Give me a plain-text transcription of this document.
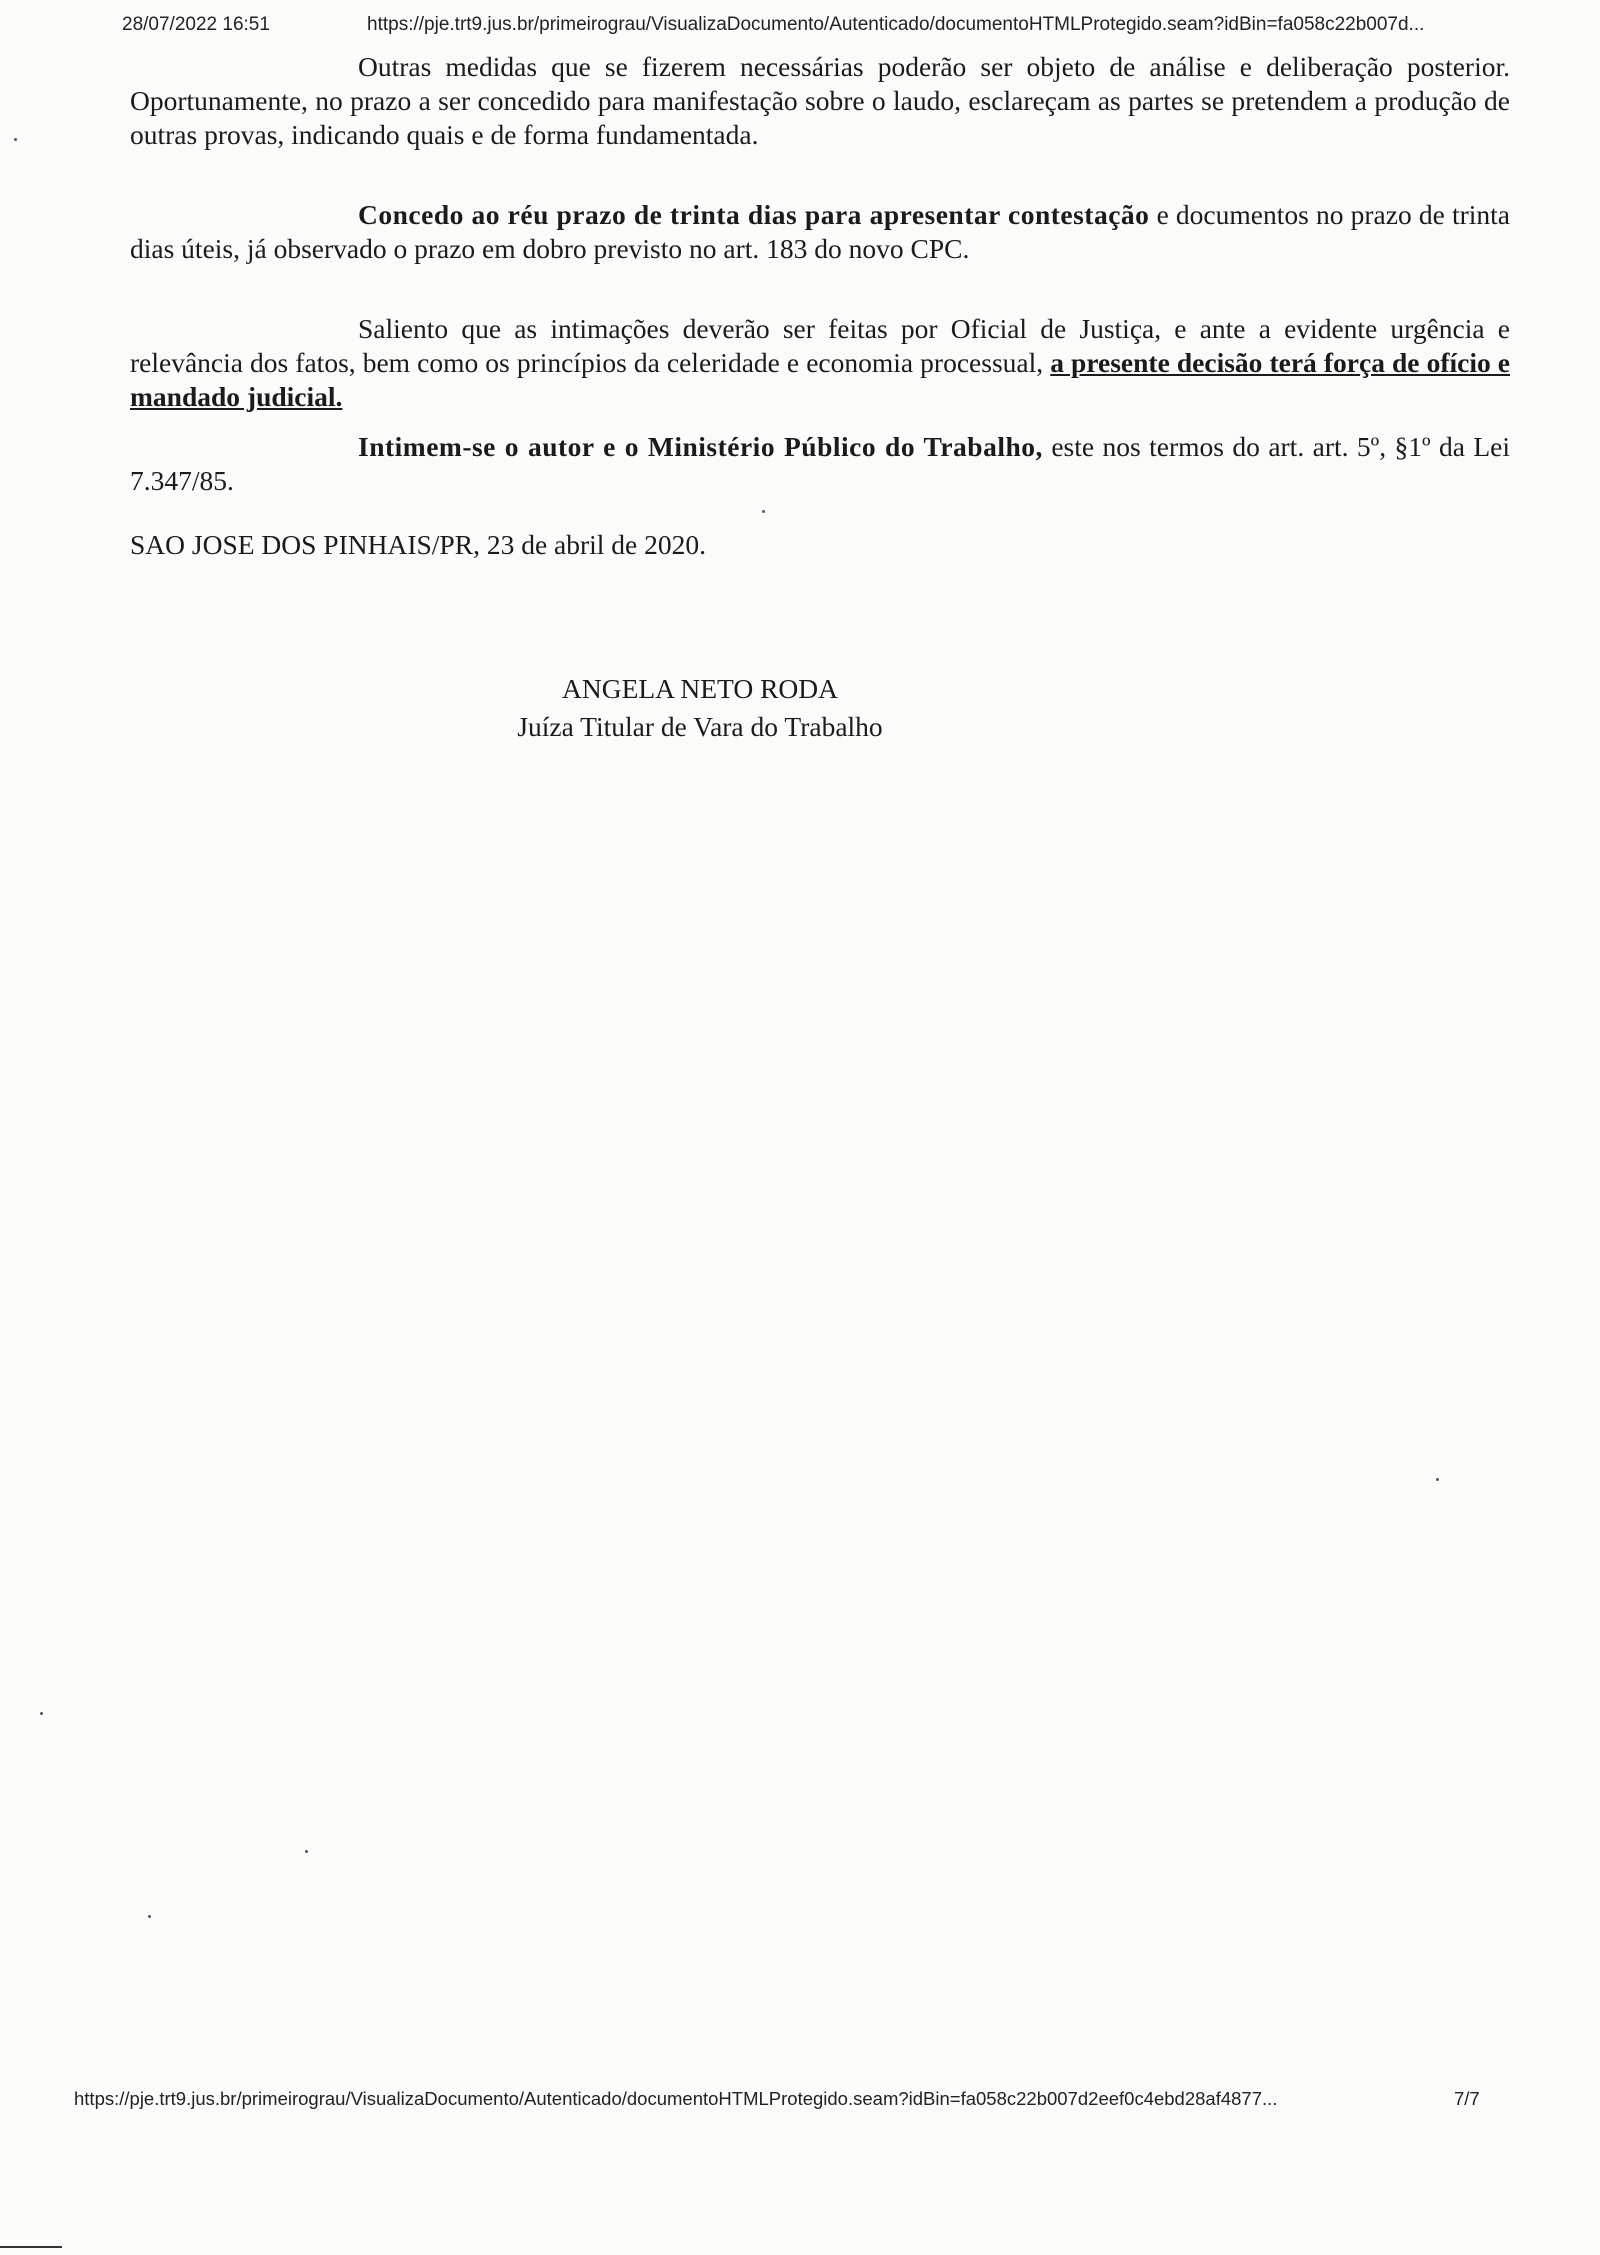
28/07/2022 16:51	https://pje.trt9.jus.br/primeirograu/VisualizaDocumento/Autenticado/documentoHTMLProtegido.seam?idBin=fa058c22b007d...

Outras medidas que se fizerem necessárias poderão ser objeto de análise e deliberação posterior. Oportunamente, no prazo a ser concedido para manifestação sobre o laudo, esclareçam as partes se pretendem a produção de outras provas, indicando quais e de forma fundamentada.

Concedo ao réu prazo de trinta dias para apresentar contestação e documentos no prazo de trinta dias úteis, já observado o prazo em dobro previsto no art. 183 do novo CPC.

Saliento que as intimações deverão ser feitas por Oficial de Justiça, e ante a evidente urgência e relevância dos fatos, bem como os princípios da celeridade e economia processual, a presente decisão terá força de ofício e mandado judicial.

Intimem-se o autor e o Ministério Público do Trabalho, este nos termos do art. art. 5º, §1º da Lei 7.347/85.

SAO JOSE DOS PINHAIS/PR, 23 de abril de 2020.
ANGELA NETO RODA
Juíza Titular de Vara do Trabalho
https://pje.trt9.jus.br/primeirograu/VisualizaDocumento/Autenticado/documentoHTMLProtegido.seam?idBin=fa058c22b007d2eef0c4ebd28af4877...	7/7
